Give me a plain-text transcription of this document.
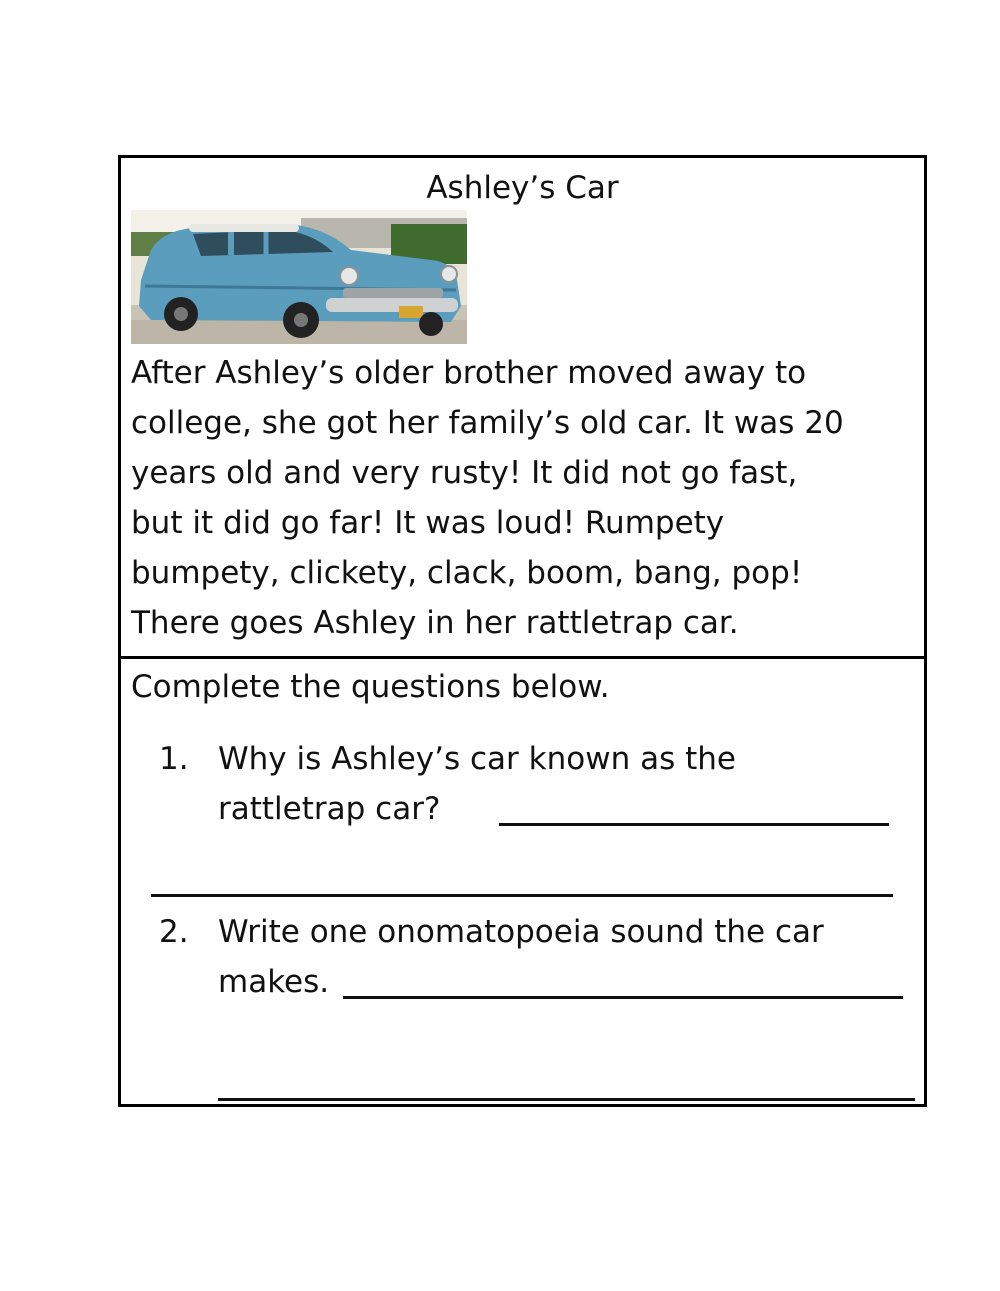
Ashley’s Car
After Ashley’s older brother moved away to
college, she got her family’s old car. It was 20
years old and very rusty! It did not go fast,
but it did go far! It was loud! Rumpety
bumpety, clickety, clack, boom, bang, pop!
There goes Ashley in her rattletrap car.
Complete the questions below.
1. Why is Ashley’s car known as the
rattletrap car?
2. Write one onomatopoeia sound the car
makes.
